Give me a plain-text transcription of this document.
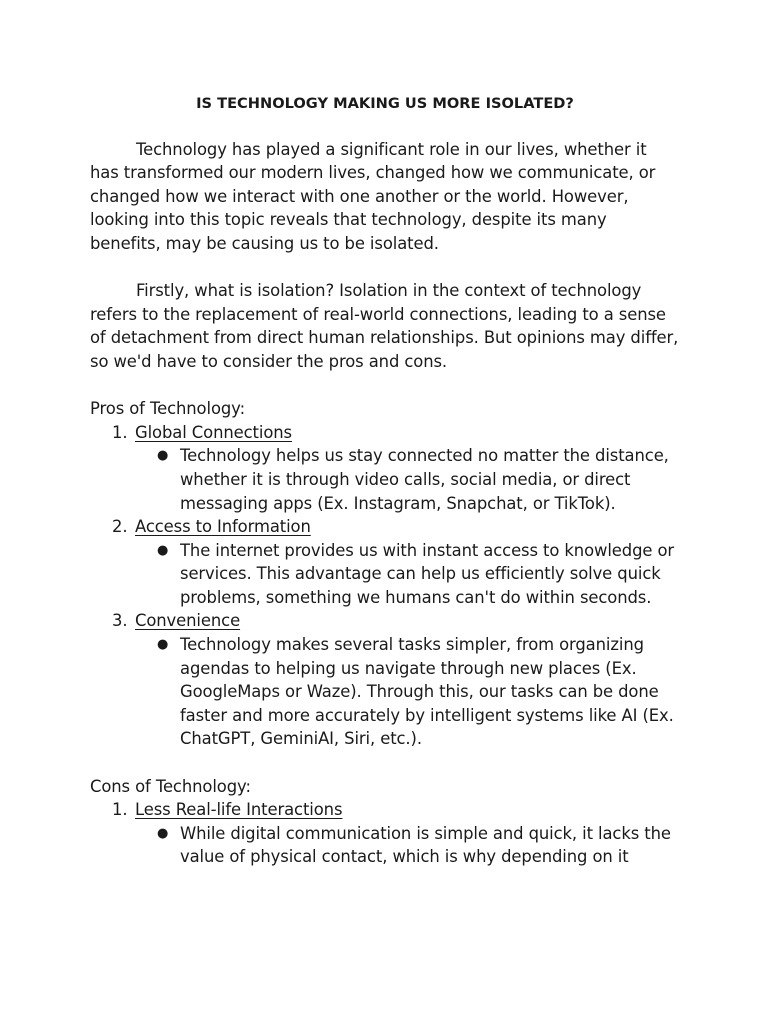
IS TECHNOLOGY MAKING US MORE ISOLATED?

Technology has played a significant role in our lives, whether it has transformed our modern lives, changed how we communicate, or changed how we interact with one another or the world. However, looking into this topic reveals that technology, despite its many benefits, may be causing us to be isolated.

Firstly, what is isolation? Isolation in the context of technology refers to the replacement of real-world connections, leading to a sense of detachment from direct human relationships. But opinions may differ, so we'd have to consider the pros and cons.

Pros of Technology:

1. Global Connections
● Technology helps us stay connected no matter the distance, whether it is through video calls, social media, or direct messaging apps (Ex. Instagram, Snapchat, or TikTok).
2. Access to Information
● The internet provides us with instant access to knowledge or services. This advantage can help us efficiently solve quick problems, something we humans can't do within seconds.
3. Convenience
● Technology makes several tasks simpler, from organizing agendas to helping us navigate through new places (Ex. GoogleMaps or Waze). Through this, our tasks can be done faster and more accurately by intelligent systems like AI (Ex. ChatGPT, GeminiAI, Siri, etc.).

Cons of Technology:

1. Less Real-life Interactions
● While digital communication is simple and quick, it lacks the value of physical contact, which is why depending on it
